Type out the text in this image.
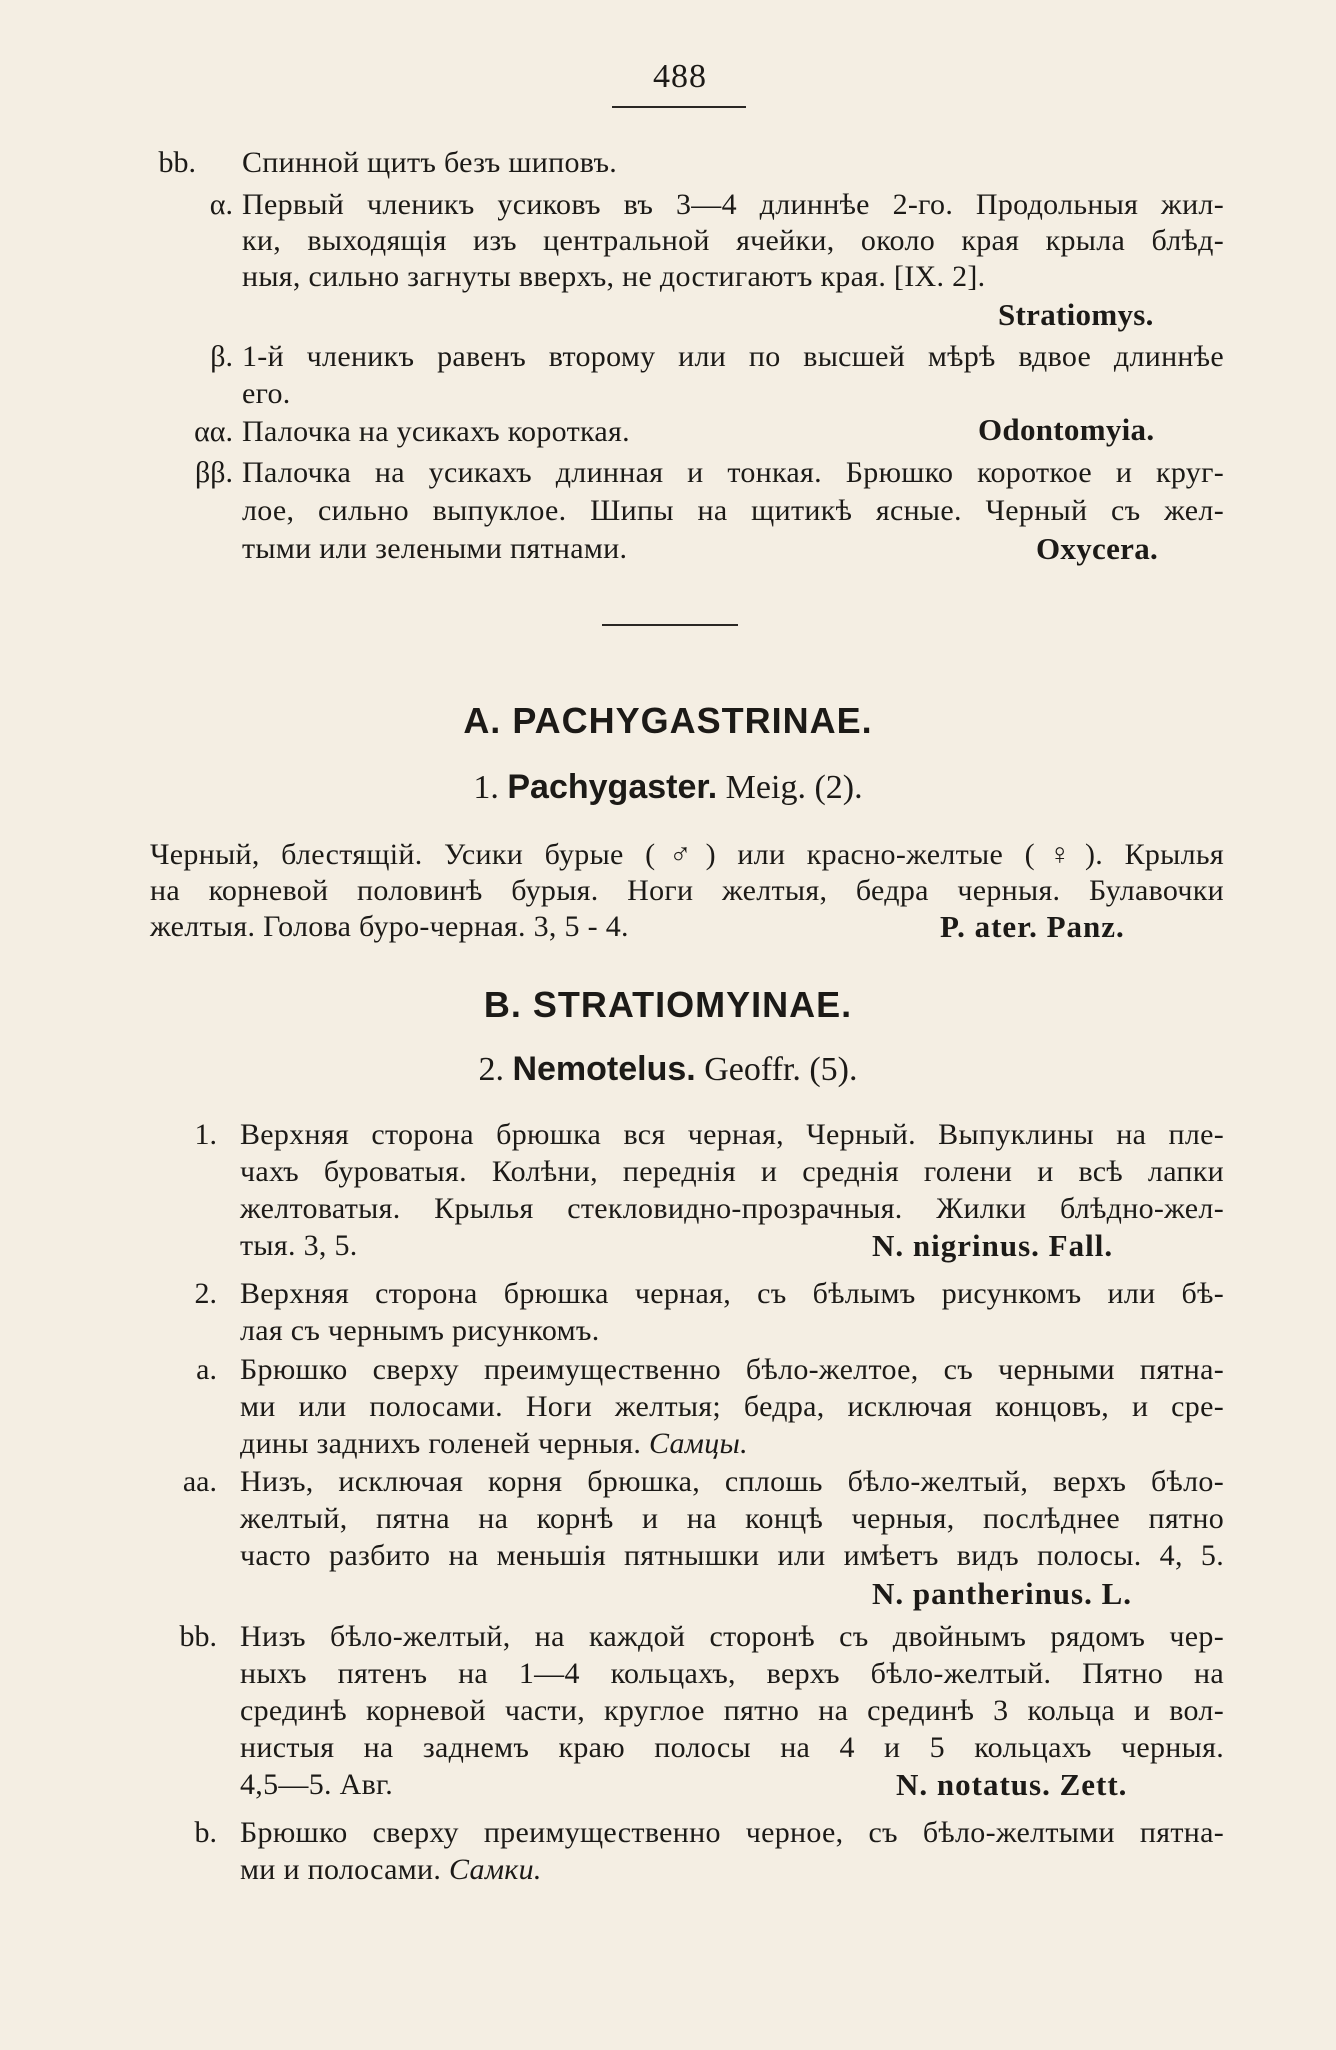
488
bb. Спинной щитъ безъ шиповъ.
α. Первый членикъ усиковъ въ 3—4 длиннѣе 2-го. Продольныя жил-
ки, выходящія изъ центральной ячейки, около края крыла блѣд-
ныя, сильно загнуты вверхъ, не достигаютъ края. [IX. 2].
Stratiomys.
β. 1-й членикъ равенъ второму или по высшей мѣрѣ вдвое длиннѣе
его.
αα. Палочка на усикахъ короткая.	Odontomyia.
ββ. Палочка на усикахъ длинная и тонкая. Брюшко короткое и круг-
лое, сильно выпуклое. Шипы на щитикѣ ясные. Черный съ жел-
тыми или зелеными пятнами.	Oxycera.
A. PACHYGASTRINAE.
1. Pachygaster. Meig. (2).
Черный, блестящій. Усики бурые (♂) или красно-желтые (♀). Крылья
на корневой половинѣ бурыя. Ноги желтыя, бедра черныя. Булавочки
желтыя. Голова буро-черная. 3, 5 - 4.	P. ater. Panz.
B. STRATIOMYINAE.
2. Nemotelus. Geoffr. (5).
1. Верхняя сторона брюшка вся черная, Черный. Выпуклины на пле-
чахъ буроватыя. Колѣни, переднія и среднія голени и всѣ лапки
желтоватыя. Крылья стекловидно-прозрачныя. Жилки блѣдно-жел-
тыя. 3, 5.	N. nigrinus. Fall.
2. Верхняя сторона брюшка черная, съ бѣлымъ рисункомъ или бѣ-
лая съ чернымъ рисункомъ.
a. Брюшко сверху преимущественно бѣло-желтое, съ черными пятна-
ми или полосами. Ноги желтыя; бедра, исключая концовъ, и сре-
дины заднихъ голеней черныя. Самцы.
aa. Низъ, исключая корня брюшка, сплошь бѣло-желтый, верхъ бѣло-
желтый, пятна на корнѣ и на концѣ черныя, послѣднее пятно
часто разбито на меньшія пятнышки или имѣетъ видъ полосы. 4, 5.
N. pantherinus. L.
bb. Низъ бѣло-желтый, на каждой сторонѣ съ двойнымъ рядомъ чер-
ныхъ пятенъ на 1—4 кольцахъ, верхъ бѣло-желтый. Пятно на
срединѣ корневой части, круглое пятно на срединѣ 3 кольца и вол-
нистыя на заднемъ краю полосы на 4 и 5 кольцахъ черныя.
4,5—5. Авг.	N. notatus. Zett.
b. Брюшко сверху преимущественно черное, съ бѣло-желтыми пятна-
ми и полосами. Самки.
